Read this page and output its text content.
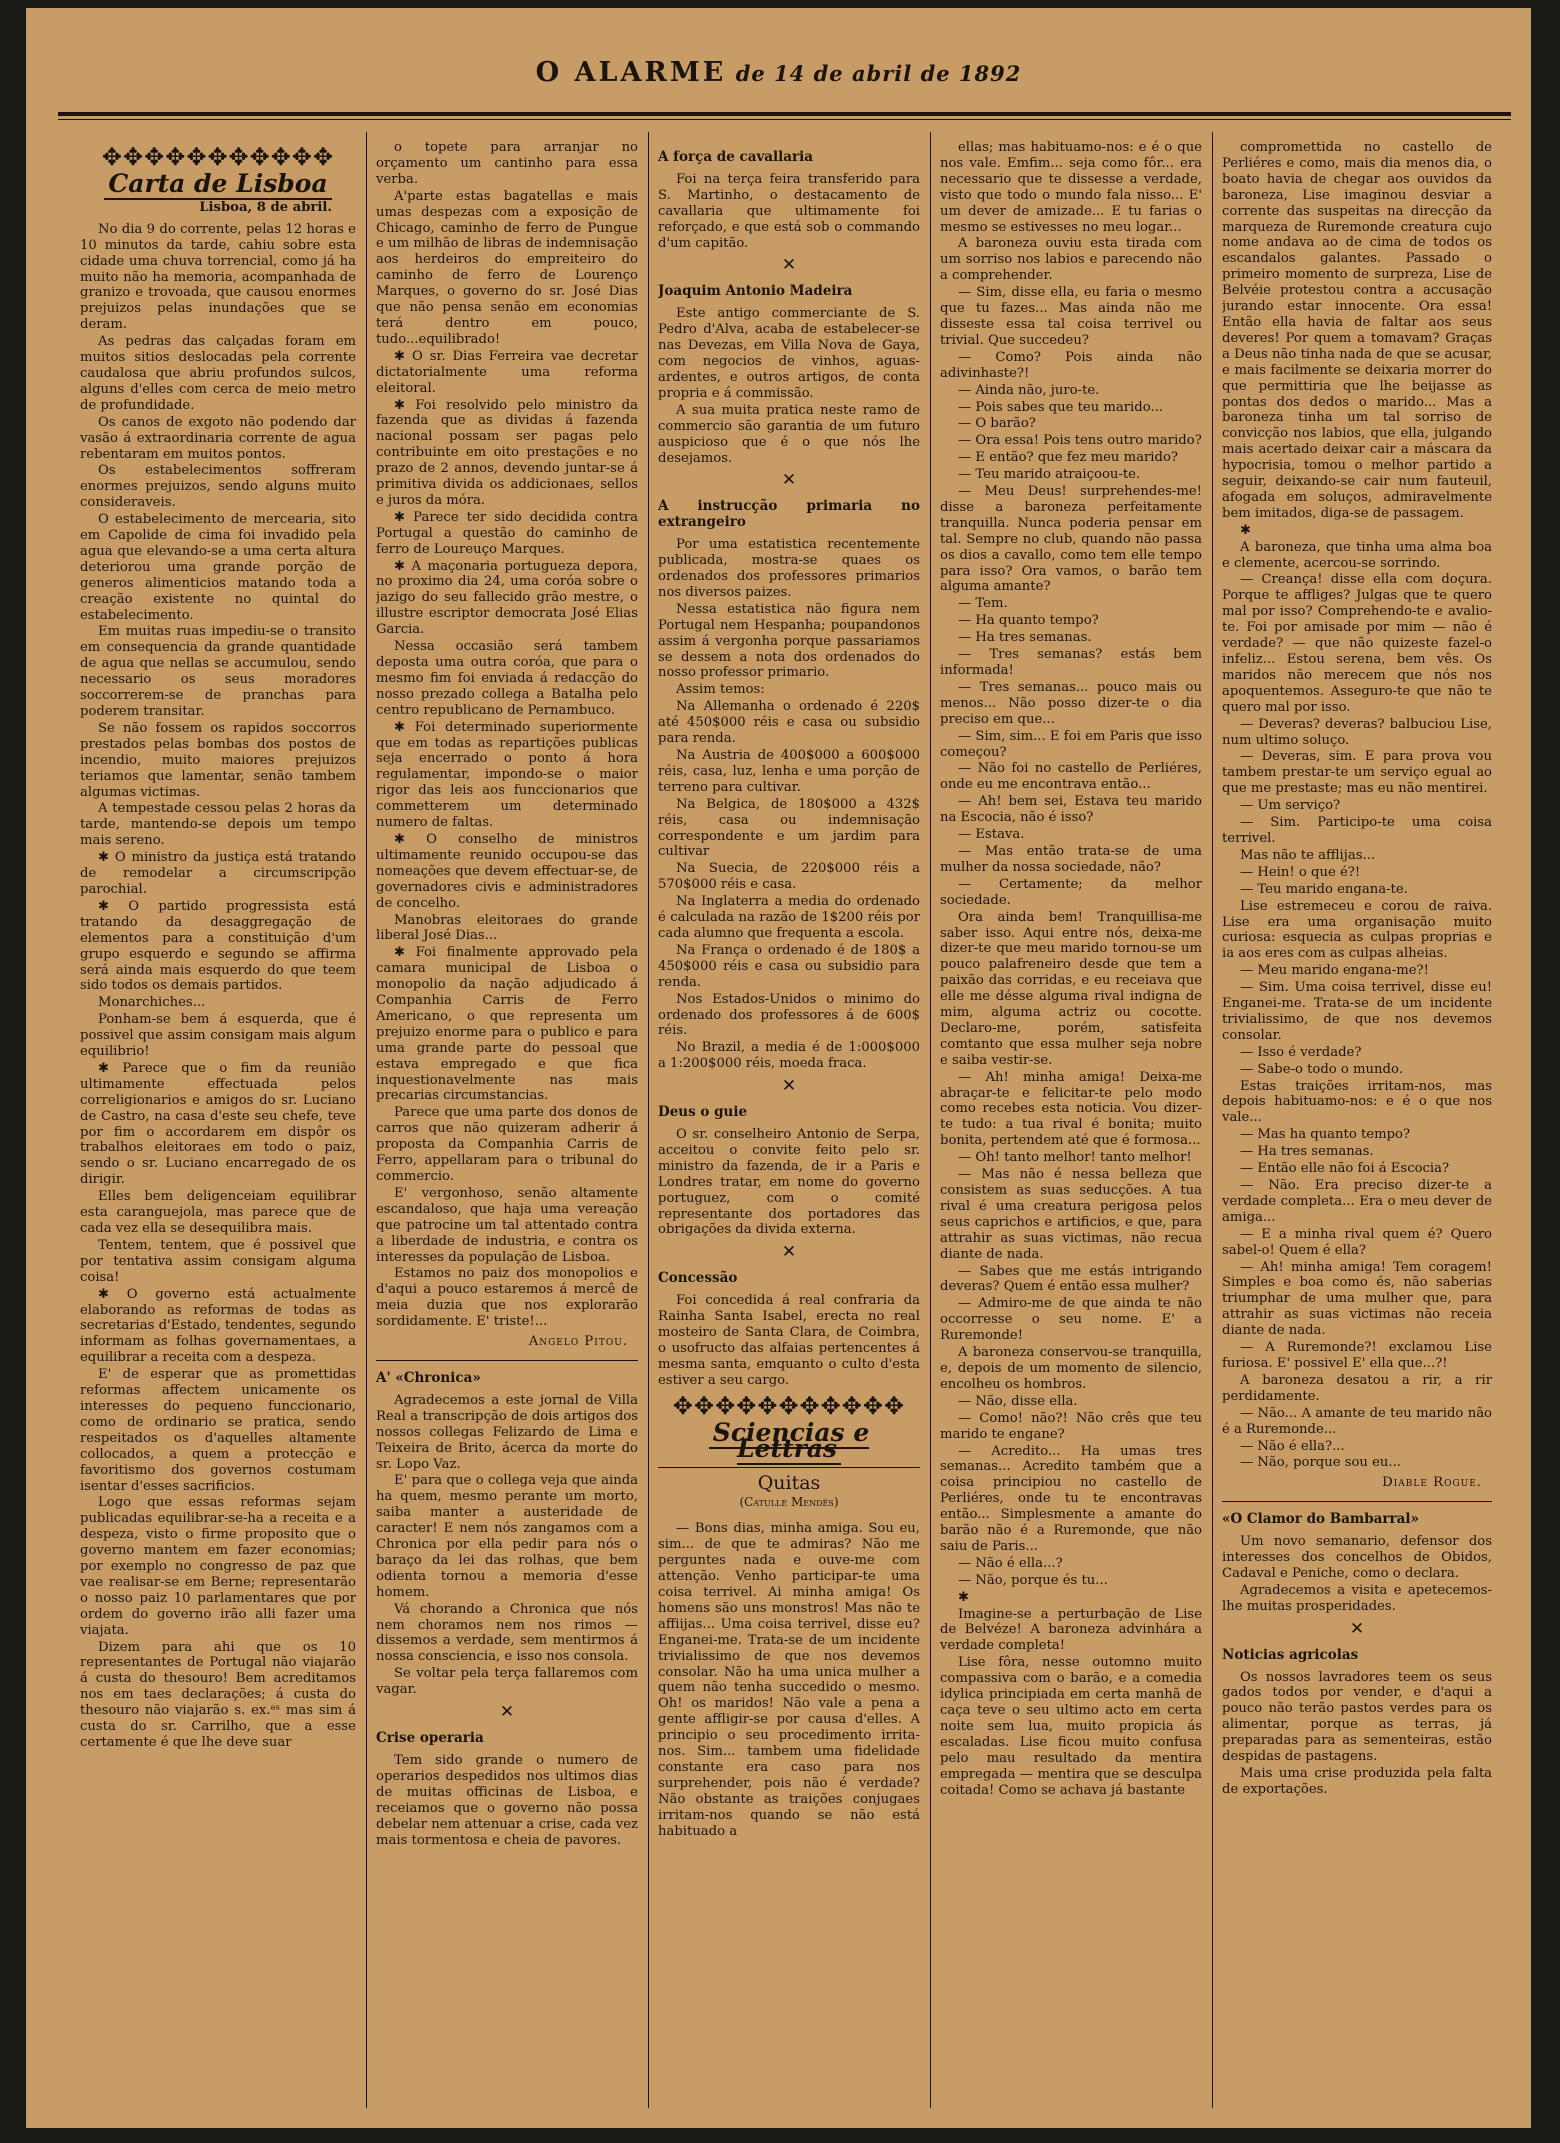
O ALARME de 14 de abril de 1892
✥✥✥✥✥✥✥✥✥✥✥
Carta de Lisboa
Lisboa, 8 de abril.

No dia 9 do corrente, pelas 12 horas e 10 minutos da tarde, cahiu sobre esta cidade uma chuva torrencial, como já ha muito não ha memoria, acompanhada de granizo e trovoada, que causou enormes prejuizos pelas inundações que se deram.

As pedras das calçadas foram em muitos sitios deslocadas pela corrente caudalosa que abriu profundos sulcos, alguns d'elles com cerca de meio metro de profundidade.

Os canos de exgoto não podendo dar vasão á extraordinaria corrente de agua rebentaram em muitos pontos.

Os estabelecimentos soffreram enormes prejuizos, sendo alguns muito consideraveis.

O estabelecimento de mercearia, sito em Capolide de cima foi invadido pela agua que elevando-se a uma certa altura deteriorou uma grande porção de generos alimenticios matando toda a creação existente no quintal do estabelecimento.

Em muitas ruas impediu-se o transito em consequencia da grande quantidade de agua que nellas se accumulou, sendo necessario os seus moradores soccorrerem-se de pranchas para poderem transitar.

Se não fossem os rapidos soccorros prestados pelas bombas dos postos de incendio, muito maiores prejuizos teriamos que lamentar, senão tambem algumas victimas.

A tempestade cessou pelas 2 horas da tarde, mantendo-se depois um tempo mais sereno.

✱ O ministro da justiça está tratando de remodelar a circumscripção parochial.

✱ O partido progressista está tratando da desaggregação de elementos para a constituição d'um grupo esquerdo e segundo se affirma será ainda mais esquerdo do que teem sido todos os demais partidos.

Monarchiches...

Ponham-se bem á esquerda, que é possivel que assim consigam mais algum equilibrio!

✱ Parece que o fim da reunião ultimamente effectuada pelos correligionarios e amigos do sr. Luciano de Castro, na casa d'este seu chefe, teve por fim o accordarem em dispôr os trabalhos eleitoraes em todo o paiz, sendo o sr. Luciano encarregado de os dirigir.

Elles bem deligenceiam equilibrar esta caranguejola, mas parece que de cada vez ella se desequilibra mais.

Tentem, tentem, que é possivel que por tentativa assim consigam alguma coisa!

✱ O governo está actualmente elaborando as reformas de todas as secretarias d'Estado, tendentes, segundo informam as folhas governamentaes, a equilibrar a receita com a despeza.

E' de esperar que as promettidas reformas affectem unicamente os interesses do pequeno funccionario, como de ordinario se pratica, sendo respeitados os d'aquelles altamente collocados, a quem a protecção e favoritismo dos governos costumam isentar d'esses sacrificios.

Logo que essas reformas sejam publicadas equilibrar-se-ha a receita e a despeza, visto o firme proposito que o governo mantem em fazer economias; por exemplo no congresso de paz que vae realisar-se em Berne; representarão o nosso paiz 10 parlamentares que por ordem do governo irão alli fazer uma viajata.

Dizem para ahi que os 10 representantes de Portugal não viajarão á custa do thesouro! Bem acreditamos nos em taes declarações; á custa do thesouro não viajarão s. ex.ᵃˢ mas sim á custa do sr. Carrilho, que a esse certamente é que lhe deve suar

o topete para arranjar no orçamento um cantinho para essa verba.

A'parte estas bagatellas e mais umas despezas com a exposição de Chicago, caminho de ferro de Pungue e um milhão de libras de indemnisação aos herdeiros do empreiteiro do caminho de ferro de Lourenço Marques, o governo do sr. José Dias que não pensa senão em economias terá dentro em pouco, tudo...equilibrado!

✱ O sr. Dias Ferreira vae decretar dictatorialmente uma reforma eleitoral.

✱ Foi resolvido pelo ministro da fazenda que as dividas á fazenda nacional possam ser pagas pelo contribuinte em oito prestações e no prazo de 2 annos, devendo juntar-se á primitiva divida os addicionaes, sellos e juros da móra.

✱ Parece ter sido decidida contra Portugal a questão do caminho de ferro de Loureuço Marques.

✱ A maçonaria portugueza depora, no proximo dia 24, uma coróa sobre o jazigo do seu fallecido grão mestre, o illustre escriptor democrata José Elias Garcia.

Nessa occasião será tambem deposta uma outra coróa, que para o mesmo fim foi enviada á redacção do nosso prezado collega a Batalha pelo centro republicano de Pernambuco.

✱ Foi determinado superiormente que em todas as repartições publicas seja encerrado o ponto á hora regulamentar, impondo-se o maior rigor das leis aos funccionarios que commetterem um determinado numero de faltas.

✱ O conselho de ministros ultimamente reunido occupou-se das nomeações que devem effectuar-se, de governadores civis e administradores de concelho.

Manobras eleitoraes do grande liberal José Dias...

✱ Foi finalmente approvado pela camara municipal de Lisboa o monopolio da nação adjudicado á Companhia Carris de Ferro Americano, o que representa um prejuizo enorme para o publico e para uma grande parte do pessoal que estava empregado e que fica inquestionavelmente nas mais precarias circumstancias.

Parece que uma parte dos donos de carros que não quizeram adherir á proposta da Companhia Carris de Ferro, appellaram para o tribunal do commercio.

E' vergonhoso, senão altamente escandaloso, que haja uma vereação que patrocine um tal attentado contra a liberdade de industria, e contra os interesses da população de Lisboa.

Estamos no paiz dos monopolios e d'aqui a pouco estaremos á mercê de meia duzia que nos explorarão sordidamente. E' triste!...

Angelo Pitou.
A' «Chronica»

Agradecemos a este jornal de Villa Real a transcripção de dois artigos dos nossos collegas Felizardo de Lima e Teixeira de Brito, ácerca da morte do sr. Lopo Vaz.

E' para que o collega veja que ainda ha quem, mesmo perante um morto, saiba manter a austeridade de caracter! E nem nós zangamos com a Chronica por ella pedir para nós o baraço da lei das rolhas, que bem odienta tornou a memoria d'esse homem.

Vá chorando a Chronica que nós nem choramos nem nos rimos — dissemos a verdade, sem mentirmos á nossa consciencia, e isso nos consola.

Se voltar pela terça fallaremos com vagar.

✕
Crise operaria

Tem sido grande o numero de operarios despedidos nos ultimos dias de muitas officinas de Lisboa, e receiamos que o governo não possa debelar nem attenuar a crise, cada vez mais tormentosa e cheia de pavores.

A força de cavallaria

Foi na terça feira transferido para S. Martinho, o destacamento de cavallaria que ultimamente foi reforçado, e que está sob o commando d'um capitão.

✕
Joaquim Antonio Madeira

Este antigo commerciante de S. Pedro d'Alva, acaba de estabelecer-se nas Devezas, em Villa Nova de Gaya, com negocios de vinhos, aguas-ardentes, e outros artigos, de conta propria e á commissão.

A sua muita pratica neste ramo de commercio são garantia de um futuro auspicioso que é o que nós lhe desejamos.

✕
A instrucção primaria no extrangeiro

Por uma estatistica recentemente publicada, mostra-se quaes os ordenados dos professores primarios nos diversos paizes.

Nessa estatistica não figura nem Portugal nem Hespanha; poupandonos assim á vergonha porque passariamos se dessem a nota dos ordenados do nosso professor primario.

Assim temos:

Na Allemanha o ordenado é 220$ até 450$000 réis e casa ou subsidio para renda.

Na Austria de 400$000 a 600$000 réis, casa, luz, lenha e uma porção de terreno para cultivar.

Na Belgica, de 180$000 a 432$ réis, casa ou indemnisação correspondente e um jardim para cultivar

Na Suecia, de 220$000 réis a 570$000 réis e casa.

Na Inglaterra a media do ordenado é calculada na razão de 1$200 réis por cada alumno que frequenta a escola.

Na França o ordenado é de 180$ a 450$000 réis e casa ou subsidio para renda.

Nos Estados-Unidos o minimo do ordenado dos professores á de 600$ réis.

No Brazil, a media é de 1:000$000 a 1:200$000 réis, moeda fraca.

✕
Deus o guie

O sr. conselheiro Antonio de Serpa, acceitou o convite feito pelo sr. ministro da fazenda, de ir a Paris e Londres tratar, em nome do governo portuguez, com o comité representante dos portadores das obrigações da divida externa.

✕
Concessão

Foi concedida á real confraria da Rainha Santa Isabel, erecta no real mosteiro de Santa Clara, de Coimbra, o usofructo das alfaias pertencentes á mesma santa, emquanto o culto d'esta estiver a seu cargo.

✥✥✥✥✥✥✥✥✥✥✥
Sciencias e Lettras
Quitas
(Catulle Mendès)

— Bons dias, minha amiga. Sou eu, sim... de que te admiras? Não me perguntes nada e ouve-me com attenção. Venho participar-te uma coisa terrivel. Ai minha amiga! Os homens são uns monstros! Mas não te affiijas... Uma coisa terrivel, disse eu? Enganei-me. Trata-se de um incidente trivialissimo de que nos devemos consolar. Não ha uma unica mulher a quem não tenha succedido o mesmo. Oh! os maridos! Não vale a pena a gente affligir-se por causa d'elles. A principio o seu procedimento irrita-nos. Sim... tambem uma fidelidade constante era caso para nos surprehender, pois não é verdade? Não obstante as traições conjugaes irritam-nos quando se não está habituado a

ellas; mas habituamo-nos: e é o que nos vale. Emfim... seja como fôr... era necessario que te dissesse a verdade, visto que todo o mundo fala nisso... E' um dever de amizade... E tu farias o mesmo se estivesses no meu logar...

A baroneza ouviu esta tirada com um sorriso nos labios e parecendo não a comprehender.

— Sim, disse ella, eu faria o mesmo que tu fazes... Mas ainda não me disseste essa tal coisa terrivel ou trivial. Que succedeu?

— Como? Pois ainda não adivinhaste?!

— Ainda não, juro-te.

— Pois sabes que teu marido...

— O barão?

— Ora essa! Pois tens outro marido?

— E então? que fez meu marido?

— Teu marido atraiçoou-te.

— Meu Deus! surprehendes-me! disse a baroneza perfeitamente tranquilla. Nunca poderia pensar em tal. Sempre no club, quando não passa os dios a cavallo, como tem elle tempo para isso? Ora vamos, o barão tem alguma amante?

— Tem.

— Ha quanto tempo?

— Ha tres semanas.

— Tres semanas? estás bem informada!

— Tres semanas... pouco mais ou menos... Não posso dizer-te o dia preciso em que...

— Sim, sim... E foi em Paris que isso começou?

— Não foi no castello de Perliéres, onde eu me encontrava então...

— Ah! bem sei, Estava teu marido na Escocia, não é isso?

— Estava.

— Mas então trata-se de uma mulher da nossa sociedade, não?

— Certamente; da melhor sociedade.

Ora ainda bem! Tranquillisa-me saber isso. Aqui entre nós, deixa-me dizer-te que meu marido tornou-se um pouco palafreneiro desde que tem a paixão das corridas, e eu receiava que elle me désse alguma rival indigna de mim, alguma actriz ou cocotte. Declaro-me, porém, satisfeita comtanto que essa mulher seja nobre e saiba vestir-se.

— Ah! minha amiga! Deixa-me abraçar-te e felicitar-te pelo modo como recebes esta noticia. Vou dizer-te tudo: a tua rival é bonita; muito bonita, pertendem até que é formosa...

— Oh! tanto melhor! tanto melhor!

— Mas não é nessa belleza que consistem as suas seducções. A tua rival é uma creatura perigosa pelos seus caprichos e artificios, e que, para attrahir as suas victimas, não recua diante de nada.

— Sabes que me estás intrigando deveras? Quem é então essa mulher?

— Admiro-me de que ainda te não occorresse o seu nome. E' a Ruremonde!

A baroneza conservou-se tranquilla, e, depois de um momento de silencio, encolheu os hombros.

— Não, disse ella.

— Como! não?! Não crês que teu marido te engane?

— Acredito... Ha umas tres semanas... Acredito também que a coisa principiou no castello de Perliéres, onde tu te encontravas então... Simplesmente a amante do barão não é a Ruremonde, que não saiu de Paris...

— Não é ella...?

— Não, porque és tu...

✱

Imagine-se a perturbação de Lise de Belvéze! A baroneza advinhára a verdade completa!

Lise fôra, nesse outomno muito compassiva com o barão, e a comedia idylica principiada em certa manhã de caça teve o seu ultimo acto em certa noite sem lua, muito propicia ás escaladas. Lise ficou muito confusa pelo mau resultado da mentira empregada — mentira que se desculpa coitada! Como se achava já bastante

compromettida no castello de Perliéres e como, mais dia menos dia, o boato havia de chegar aos ouvidos da baroneza, Lise imaginou desviar a corrente das suspeitas na direcção da marqueza de Ruremonde creatura cujo nome andava ao de cima de todos os escandalos galantes. Passado o primeiro momento de surpreza, Lise de Belvéie protestou contra a accusação jurando estar innocente. Ora essa! Então ella havia de faltar aos seus deveres! Por quem a tomavam? Graças a Deus não tinha nada de que se acusar, e mais facilmente se deixaria morrer do que permittiria que lhe beijasse as pontas dos dedos o marido... Mas a baroneza tinha um tal sorriso de convicção nos labios, que ella, julgando mais acertado deixar cair a máscara da hypocrisia, tomou o melhor partido a seguir, deixando-se cair num fauteuil, afogada em soluços, admiravelmente bem imitados, diga-se de passagem.

✱

A baroneza, que tinha uma alma boa e clemente, acercou-se sorrindo.

— Creança! disse ella com doçura. Porque te affliges? Julgas que te quero mal por isso? Comprehendo-te e avalio-te. Foi por amisade por mim — não é verdade? — que não quizeste fazel-o infeliz... Estou serena, bem vês. Os maridos não merecem que nós nos apoquentemos. Asseguro-te que não te quero mal por isso.

— Deveras? deveras? balbuciou Lise, num ultimo soluço.

— Deveras, sim. E para prova vou tambem prestar-te um serviço egual ao que me prestaste; mas eu não mentirei.

— Um serviço?

— Sim. Participo-te uma coisa terrivel.

Mas não te afflijas...

— Hein! o que é?!

— Teu marido engana-te.

Lise estremeceu e corou de raiva. Lise era uma organisação muito curiosa: esquecia as culpas proprias e ia aos eres com as culpas alheias.

— Meu marido engana-me?!

— Sim. Uma coisa terrivel, disse eu! Enganei-me. Trata-se de um incidente trivialissimo, de que nos devemos consolar.

— Isso é verdade?

— Sabe-o todo o mundo.

Estas traições irritam-nos, mas depois habituamo-nos: e é o que nos vale...

— Mas ha quanto tempo?

— Ha tres semanas.

— Então elle não foi á Escocia?

— Não. Era preciso dizer-te a verdade completa... Era o meu dever de amiga...

— E a minha rival quem é? Quero sabel-o! Quem é ella?

— Ah! minha amiga! Tem coragem! Simples e boa como és, não saberias triumphar de uma mulher que, para attrahir as suas victimas não receia diante de nada.

— A Ruremonde?! exclamou Lise furiosa. E' possivel E' ella que...?!

A baroneza desatou a rir, a rir perdidamente.

— Não... A amante de teu marido não é a Ruremonde...

— Não é ella?...

— Não, porque sou eu...

Diable Rogue.
«O Clamor do Bambarral»

Um novo semanario, defensor dos interesses dos concelhos de Obidos, Cadaval e Peniche, como o declara.

Agradecemos a visita e apetecemos-lhe muitas prosperidades.

✕
Noticias agricolas

Os nossos lavradores teem os seus gados todos por vender, e d'aqui a pouco não terão pastos verdes para os alimentar, porque as terras, já preparadas para as sementeiras, estão despidas de pastagens.

Mais uma crise produzida pela falta de exportações.
